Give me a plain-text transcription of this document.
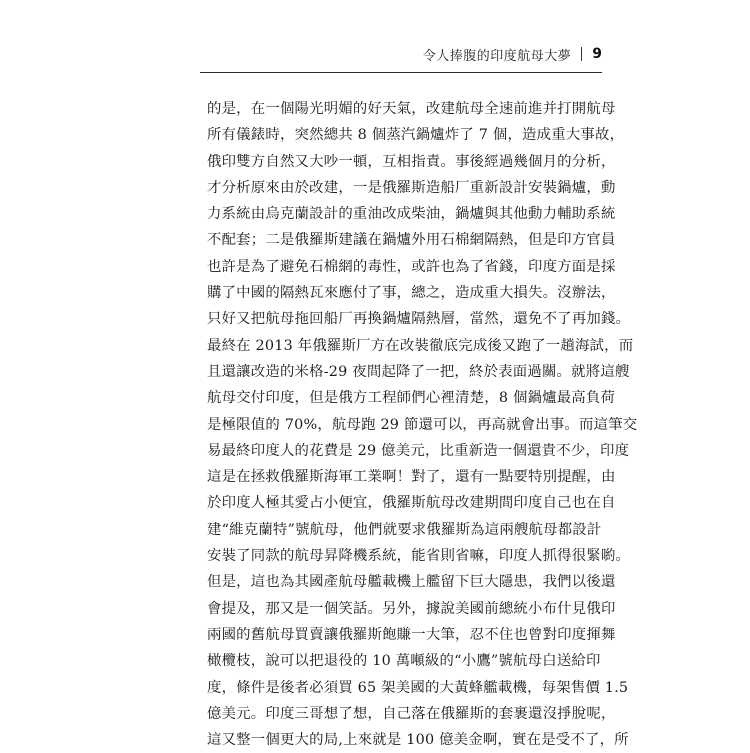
令人捧腹的印度航母大夢 9
的是，在一個陽光明媚的好天氣，改建航母全速前進并打開航母
所有儀錶時，突然總共 8 個蒸汽鍋爐炸了 7 個，造成重大事故，
俄印雙方自然又大吵一頓，互相指責。事後經過幾個月的分析，
才分析原來由於改建，一是俄羅斯造船厂重新設計安裝鍋爐，動
力系統由烏克蘭設計的重油改成柴油，鍋爐與其他動力輔助系統
不配套；二是俄羅斯建議在鍋爐外用石棉網隔熱，但是印方官員
也許是為了避免石棉網的毒性，或許也為了省錢，印度方面是採
購了中國的隔熱瓦來應付了事，總之，造成重大損失。沒辦法，
只好又把航母拖回船厂再換鍋爐隔熱層，當然，還免不了再加錢。
最終在 2013 年俄羅斯厂方在改裝徹底完成後又跑了一趟海試，而
且還讓改造的米格-29 夜間起降了一把，終於表面過關。就將這艘
航母交付印度，但是俄方工程師們心裡清楚，8 個鍋爐最高負荷
是極限值的 70%，航母跑 29 節還可以，再高就會出事。而這筆交
易最終印度人的花費是 29 億美元，比重新造一個還貴不少，印度
這是在拯救俄羅斯海軍工業啊！對了，還有一點要特別提醒，由
於印度人極其愛占小便宜，俄羅斯航母改建期間印度自己也在自
建“維克蘭特”號航母，他們就要求俄羅斯為這兩艘航母都設計
安裝了同款的航母昇降機系統，能省則省嘛，印度人抓得很緊喲。
但是，這也為其國產航母艦載機上艦留下巨大隱患，我們以後還
會提及，那又是一個笑話。另外，據說美國前總統小布什見俄印
兩國的舊航母買賣讓俄羅斯飽賺一大筆，忍不住也曾對印度揮舞
橄欖枝，說可以把退役的 10 萬噸級的“小鷹”號航母白送給印
度，條件是後者必須買 65 架美國的大黃蜂艦載機，每架售價 1.5
億美元。印度三哥想了想，自己落在俄羅斯的套裹還沒掙脫呢，
這又整一個更大的局,上來就是 100 億美金啊，實在是受不了，所
